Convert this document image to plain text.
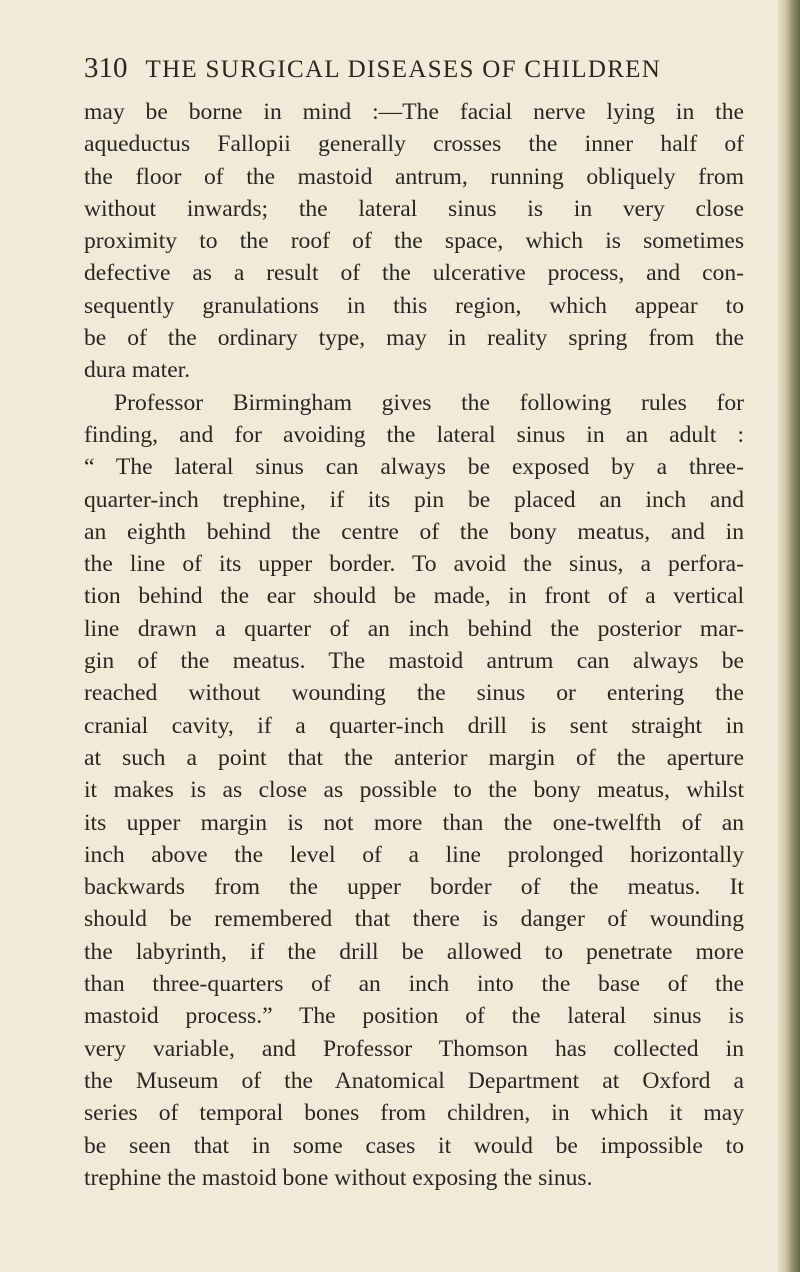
310 THE SURGICAL DISEASES OF CHILDREN
may be borne in mind :—The facial nerve lying in the
aqueductus Fallopii generally crosses the inner half of
the floor of the mastoid antrum, running obliquely from
without inwards; the lateral sinus is in very close
proximity to the roof of the space, which is sometimes
defective as a result of the ulcerative process, and con-
sequently granulations in this region, which appear to
be of the ordinary type, may in reality spring from the
dura mater.
Professor Birmingham gives the following rules for
finding, and for avoiding the lateral sinus in an adult :
“ The lateral sinus can always be exposed by a three-
quarter-inch trephine, if its pin be placed an inch and
an eighth behind the centre of the bony meatus, and in
the line of its upper border. To avoid the sinus, a perfora-
tion behind the ear should be made, in front of a vertical
line drawn a quarter of an inch behind the posterior mar-
gin of the meatus. The mastoid antrum can always be
reached without wounding the sinus or entering the
cranial cavity, if a quarter-inch drill is sent straight in
at such a point that the anterior margin of the aperture
it makes is as close as possible to the bony meatus, whilst
its upper margin is not more than the one-twelfth of an
inch above the level of a line prolonged horizontally
backwards from the upper border of the meatus. It
should be remembered that there is danger of wounding
the labyrinth, if the drill be allowed to penetrate more
than three-quarters of an inch into the base of the
mastoid process.” The position of the lateral sinus is
very variable, and Professor Thomson has collected in
the Museum of the Anatomical Department at Oxford a
series of temporal bones from children, in which it may
be seen that in some cases it would be impossible to
trephine the mastoid bone without exposing the sinus.
